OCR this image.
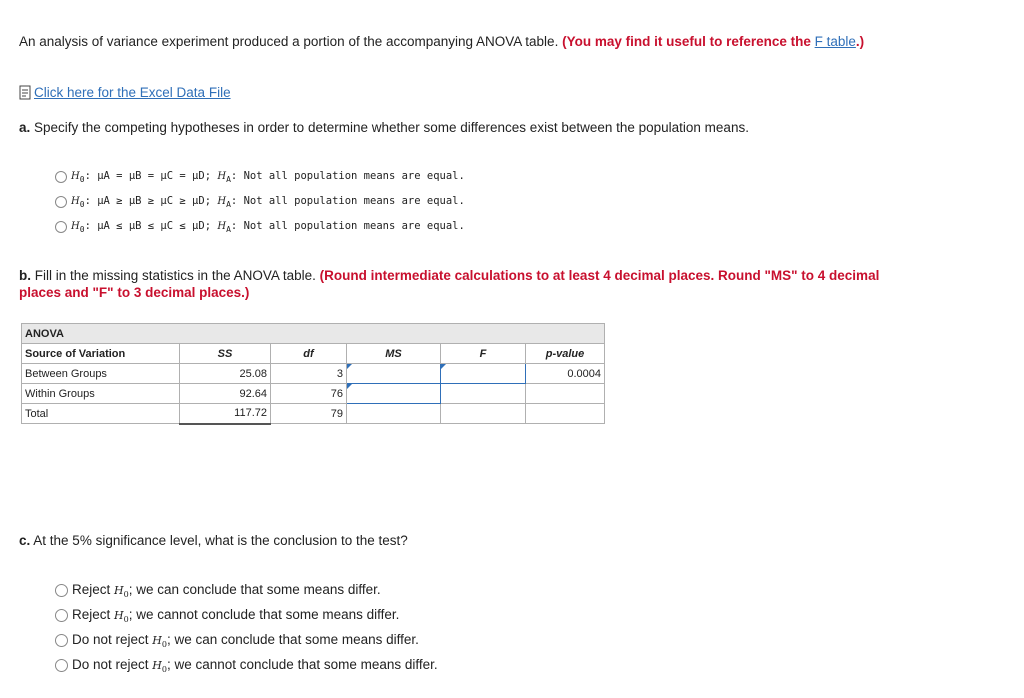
An analysis of variance experiment produced a portion of the accompanying ANOVA table. (You may find it useful to reference the F table.)
Click here for the Excel Data File
a. Specify the competing hypotheses in order to determine whether some differences exist between the population means.
$H_0$: μA = μB = μC = μD; $H_A$: Not all population means are equal.
$H_0$: μA ≥ μB ≥ μC ≥ μD; $H_A$: Not all population means are equal.
$H_0$: μA ≤ μB ≤ μC ≤ μD; $H_A$: Not all population means are equal.
b. Fill in the missing statistics in the ANOVA table. (Round intermediate calculations to at least 4 decimal places. Round "MS" to 4 decimal places and "F" to 3 decimal places.)
ANOVA					
Source of Variation	SS	df	MS	F	p-value
Between Groups	25.08	3			0.0004
Within Groups	92.64	76			
Total	117.72	79			
c. At the 5% significance level, what is the conclusion to the test?
Reject $H_0$; we can conclude that some means differ.
Reject $H_0$; we cannot conclude that some means differ.
Do not reject $H_0$; we can conclude that some means differ.
Do not reject $H_0$; we cannot conclude that some means differ.
